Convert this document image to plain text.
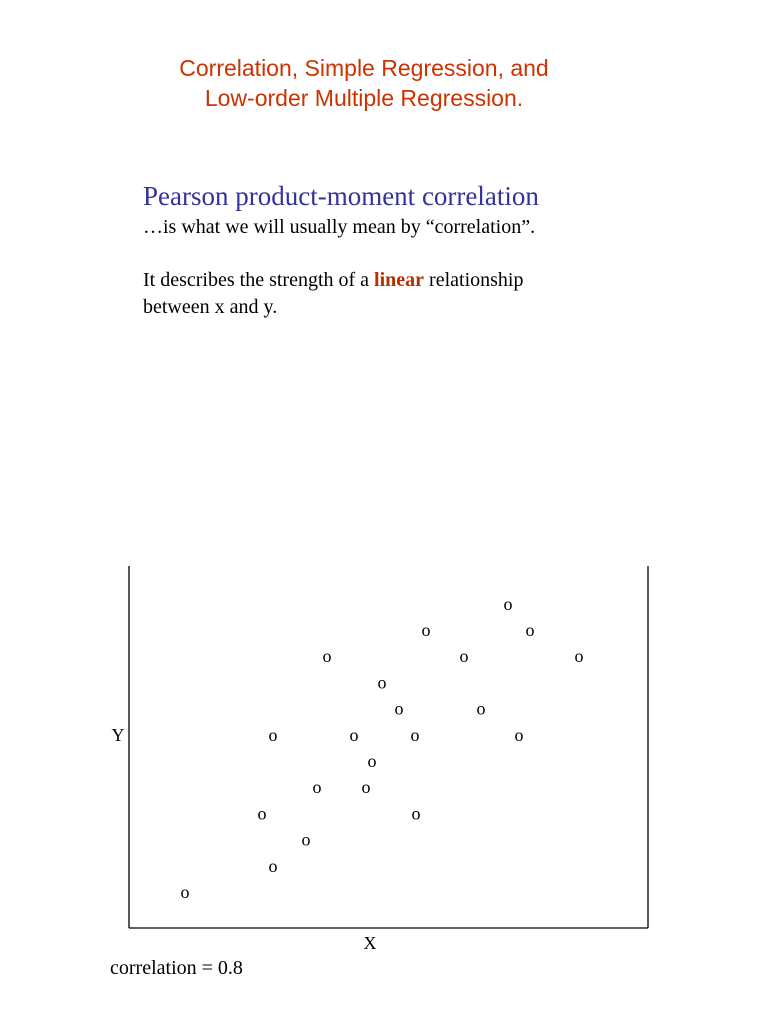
Correlation, Simple Regression, and
Low-order Multiple Regression.
Pearson product-moment correlation
…is what we will usually mean by “correlation”.
It describes the strength of a linear relationship
between x and y.
Y
X
o
o
o
o	o
o o
o
o	o	o	o
o	o
o
o	o	o
o	o
o
correlation = 0.8
